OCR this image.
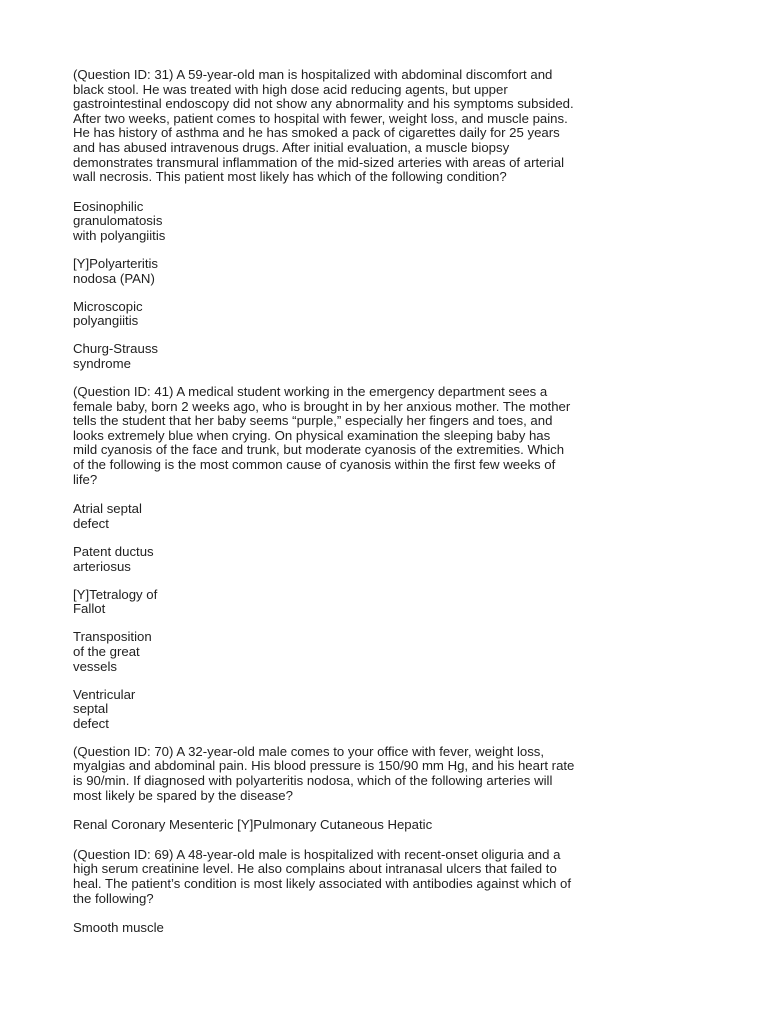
(Question ID: 31) A 59-year-old man is hospitalized with abdominal discomfort and
black stool. He was treated with high dose acid reducing agents, but upper
gastrointestinal endoscopy did not show any abnormality and his symptoms subsided.
After two weeks, patient comes to hospital with fewer, weight loss, and muscle pains.
He has history of asthma and he has smoked a pack of cigarettes daily for 25 years
and has abused intravenous drugs. After initial evaluation, a muscle biopsy
demonstrates transmural inflammation of the mid-sized arteries with areas of arterial
wall necrosis. This patient most likely has which of the following condition?
Eosinophilic
granulomatosis
with polyangiitis
[Y]Polyarteritis
nodosa (PAN)
Microscopic
polyangiitis
Churg-Strauss
syndrome
(Question ID: 41) A medical student working in the emergency department sees a
female baby, born 2 weeks ago, who is brought in by her anxious mother. The mother
tells the student that her baby seems “purple,” especially her fingers and toes, and
looks extremely blue when crying. On physical examination the sleeping baby has
mild cyanosis of the face and trunk, but moderate cyanosis of the extremities. Which
of the following is the most common cause of cyanosis within the first few weeks of
life?
Atrial septal
defect
Patent ductus
arteriosus
[Y]Tetralogy of
Fallot
Transposition
of the great
vessels
Ventricular
septal
defect
(Question ID: 70) A 32-year-old male comes to your office with fever, weight loss,
myalgias and abdominal pain. His blood pressure is 150/90 mm Hg, and his heart rate
is 90/min. If diagnosed with polyarteritis nodosa, which of the following arteries will
most likely be spared by the disease?
Renal Coronary Mesenteric [Y]Pulmonary Cutaneous Hepatic
(Question ID: 69) A 48-year-old male is hospitalized with recent-onset oliguria and a
high serum creatinine level. He also complains about intranasal ulcers that failed to
heal. The patient’s condition is most likely associated with antibodies against which of
the following?
Smooth muscle
